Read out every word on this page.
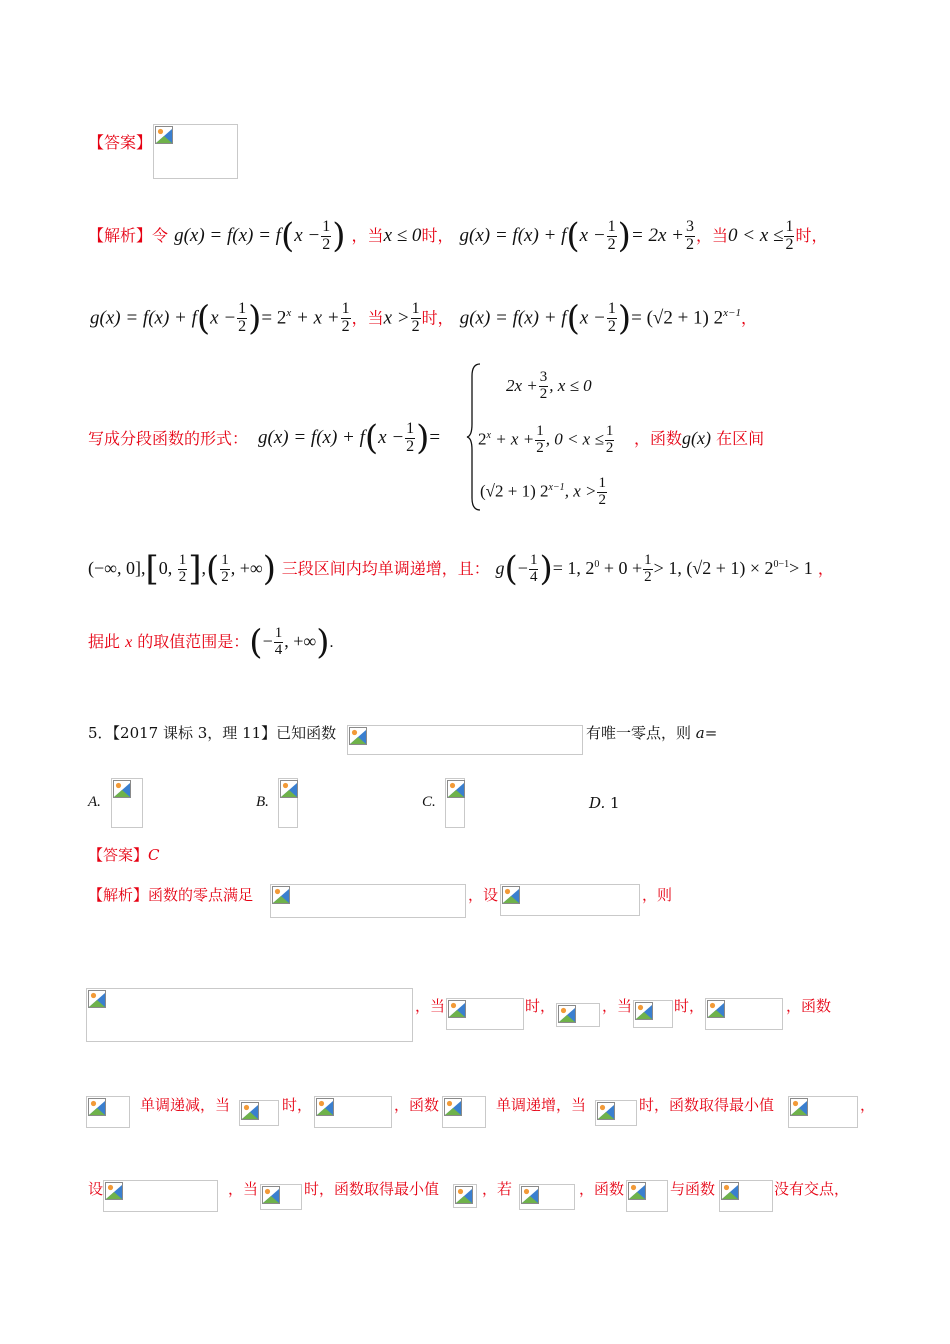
【答案】
【解析】令 $g(x) = f(x) = f(x - \frac{1}{2}$ ) ，当x ≤ 0时， $g(x) = f(x) + f(x - \frac{1}{2}$ )= $2x + \frac{3}{2}$ ，当$0 < x \le \frac{1}{2}$ 时，
$g(x) = f(x) + f(x - \frac{1}{2}$ )= $2^x + x + \frac{1}{2}$ ，当$x > \frac{1}{2}$ 时， $g(x) = f(x) + f(x - \frac{1}{2}$ )= (√2 + 1) $2^{x-1}$，
写成分段函数的形式： $g(x) = f(x) + f(x - \frac{1}{2}$ )=
$2x + \frac{3}{2}$ , x ≤ 0
$2^x + x + \frac{1}{2}$ , $0 < x \le \frac{1}{2}$
(√2 + 1) $2^{x-1}$, $x > \frac{1}{2}$
，函数g(x) 在区间
(−∞, 0],[0, $\frac{1}{2}$ ],( $\frac{1}{2}$ , +∞) 三段区间内均单调递增，且： $g(- \frac{1}{4}$ )= 1, $2^0 + 0 + \frac{1}{2} > 1$, $(√2 + 1) \times 2^{0-1}> 1$ ，
据此 x 的取值范围是：(− $\frac{1}{4}$ , +∞).
5．【2017 课标 3，理 11】已知函数	有唯一零点，则 a=
A.	B.	C.	D. 1
【答案】C
【解析】函数的零点满足	，设	，则
，当	时，	，当	时，	，函数
单调递减，当	时，	，函数	单调递增，当	时，函数取得最小值	，
设	，当	时，函数取得最小值	，若	，函数	与函数	没有交点，
